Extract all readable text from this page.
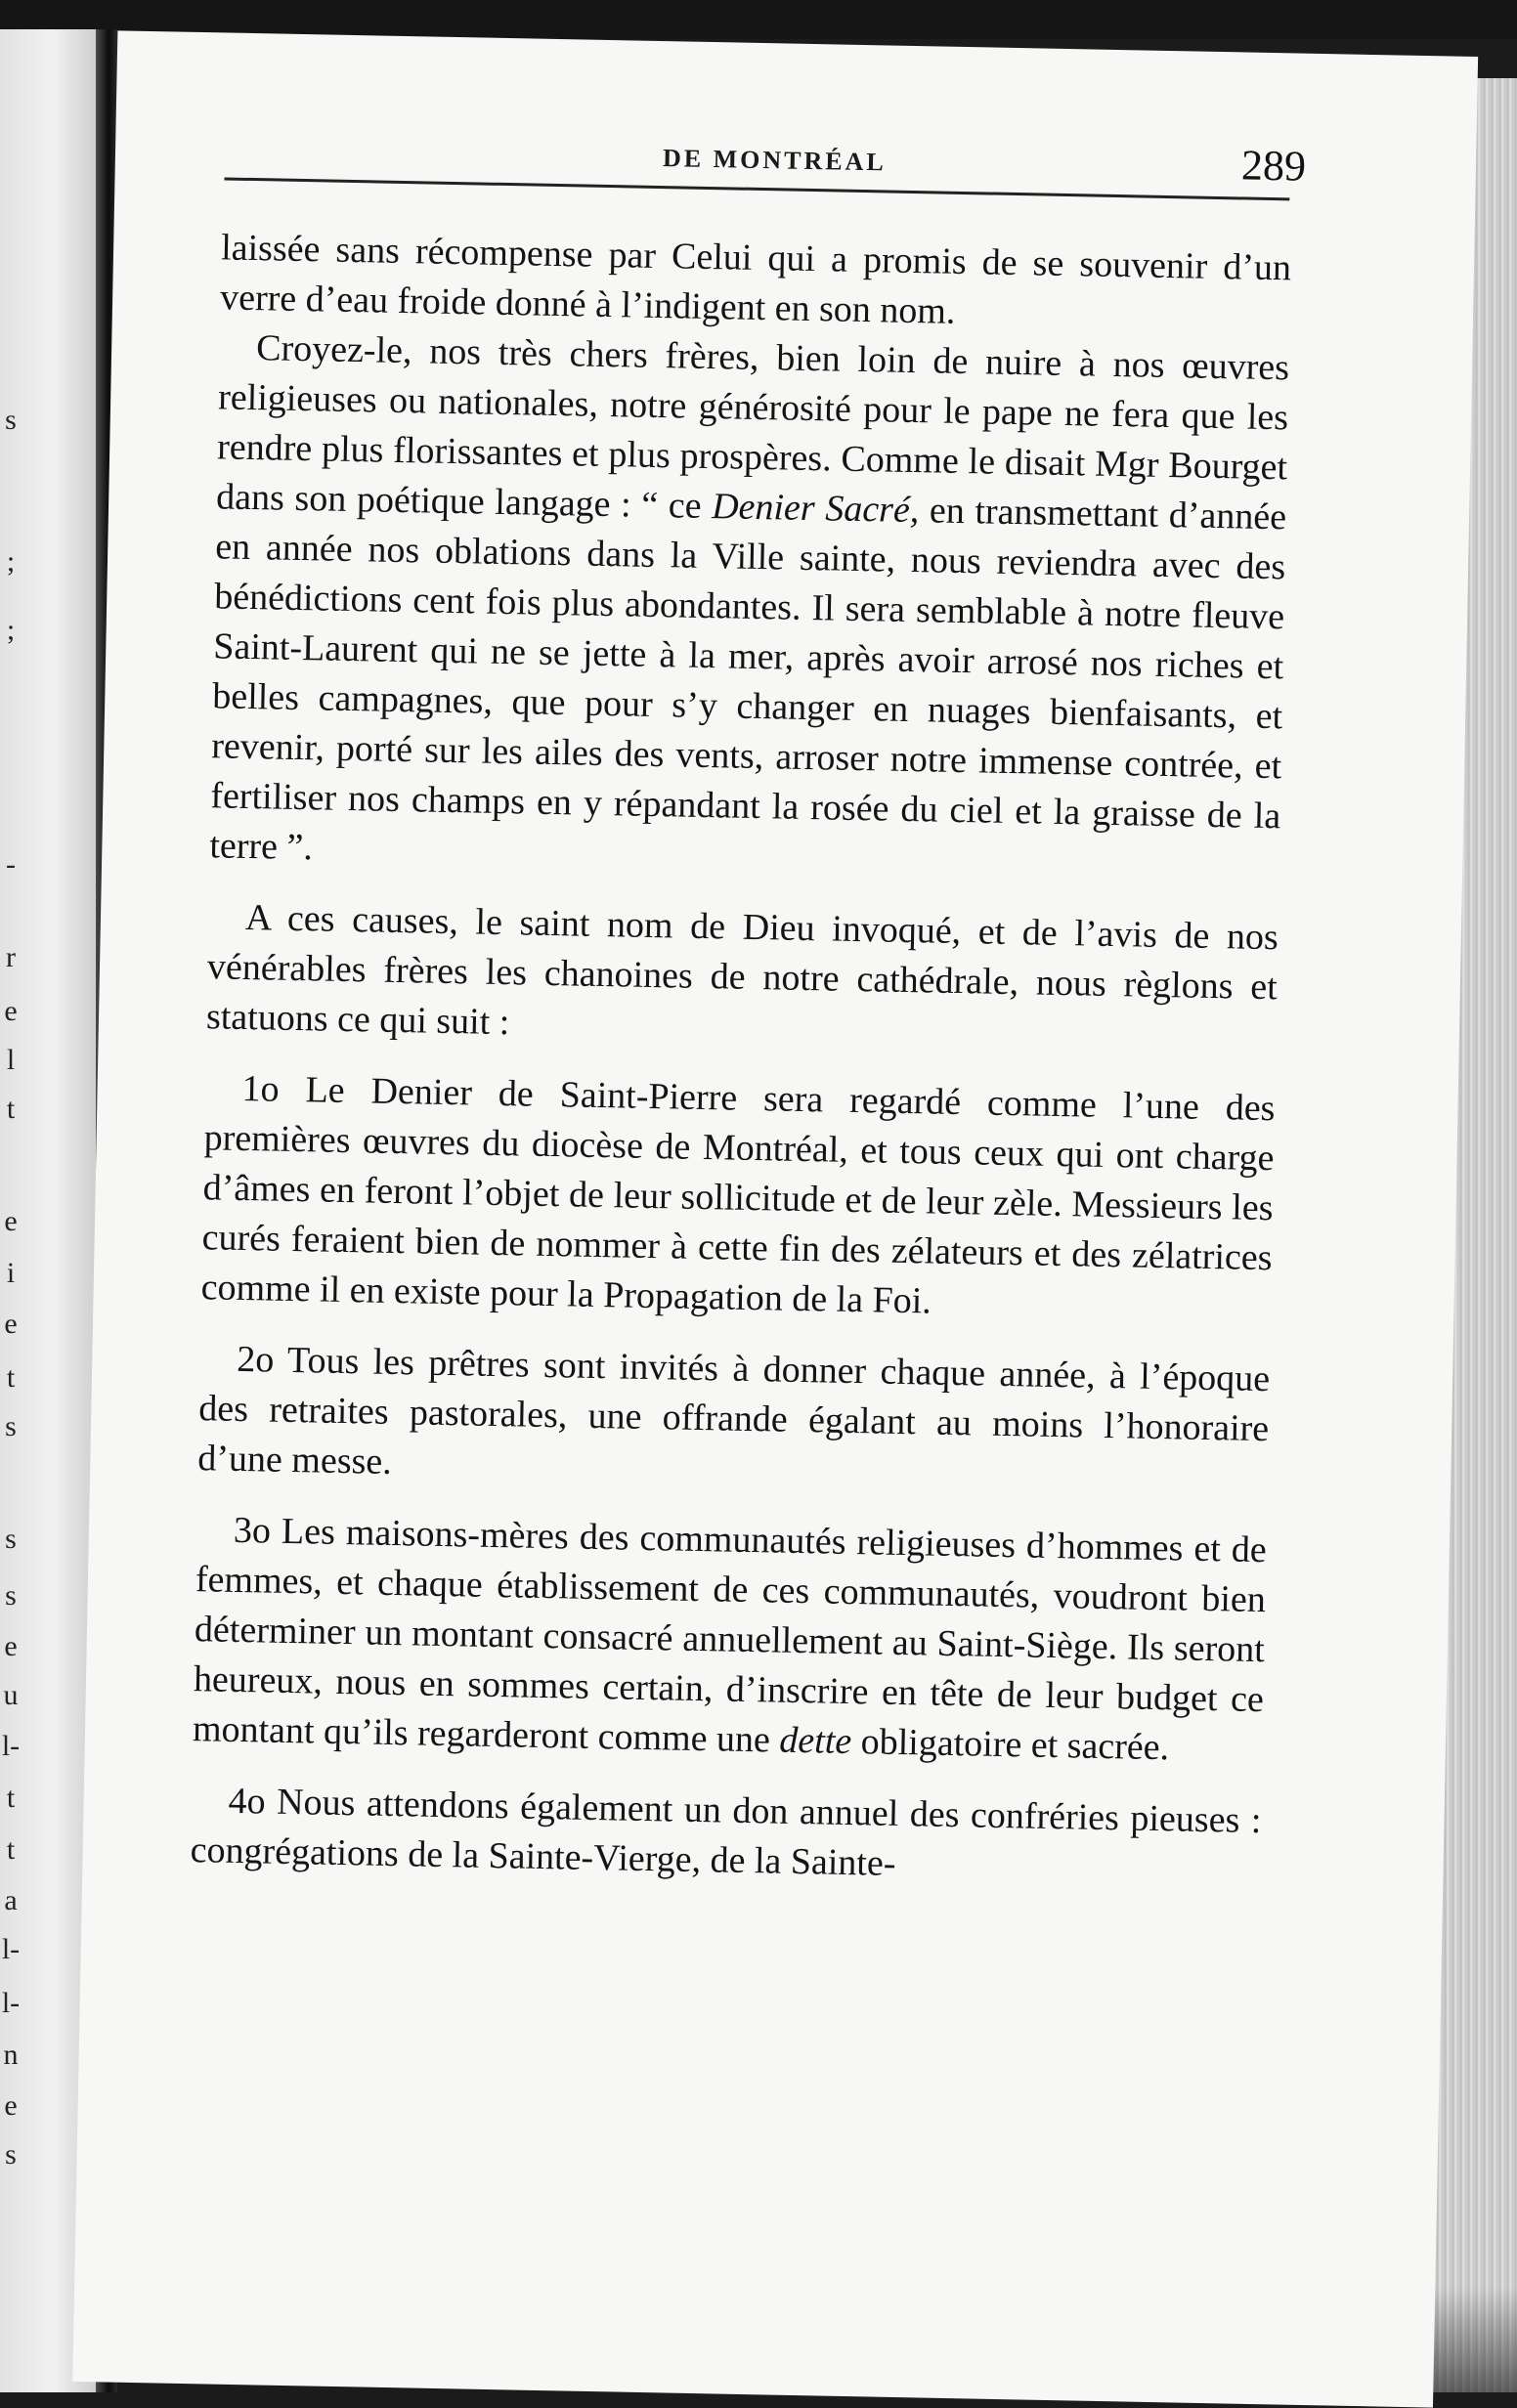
s
;
;
-
r
e
l
t
e
i
e
t
s
s
s
e
u
l-
t
t
a
l-
l-
n
e
s
DE MONTRÉAL	289

laissée sans récompense par Celui qui a promis de se souvenir d’un verre d’eau froide donné à l’indigent en son nom.

Croyez-le, nos très chers frères, bien loin de nuire à nos œuvres religieuses ou nationales, notre générosité pour le pape ne fera que les rendre plus florissantes et plus prospères. Comme le disait Mgr Bourget dans son poétique langage : “ ce Denier Sacré, en transmettant d’année en année nos oblations dans la Ville sainte, nous reviendra avec des bénédictions cent fois plus abondantes. Il sera semblable à notre fleuve Saint-Laurent qui ne se jette à la mer, après avoir arrosé nos riches et belles campagnes, que pour s’y changer en nuages bienfaisants, et revenir, porté sur les ailes des vents, arroser notre immense contrée, et fertiliser nos champs en y répandant la rosée du ciel et la graisse de la terre ”.

A ces causes, le saint nom de Dieu invoqué, et de l’avis de nos vénérables frères les chanoines de notre cathédrale, nous règlons et statuons ce qui suit :

1o Le Denier de Saint-Pierre sera regardé comme l’une des premières œuvres du diocèse de Montréal, et tous ceux qui ont charge d’âmes en feront l’objet de leur sollicitude et de leur zèle. Messieurs les curés feraient bien de nommer à cette fin des zélateurs et des zélatrices comme il en existe pour la Propagation de la Foi.

2o Tous les prêtres sont invités à donner chaque année, à l’époque des retraites pastorales, une offrande égalant au moins l’honoraire d’une messe.

3o Les maisons-mères des communautés religieuses d’hommes et de femmes, et chaque établissement de ces communautés, voudront bien déterminer un montant consacré annuellement au Saint-Siège. Ils seront heureux, nous en sommes certain, d’inscrire en tête de leur budget ce montant qu’ils regarderont comme une dette obligatoire et sacrée.

4o Nous attendons également un don annuel des confréries pieuses : congrégations de la Sainte-Vierge, de la Sainte-
